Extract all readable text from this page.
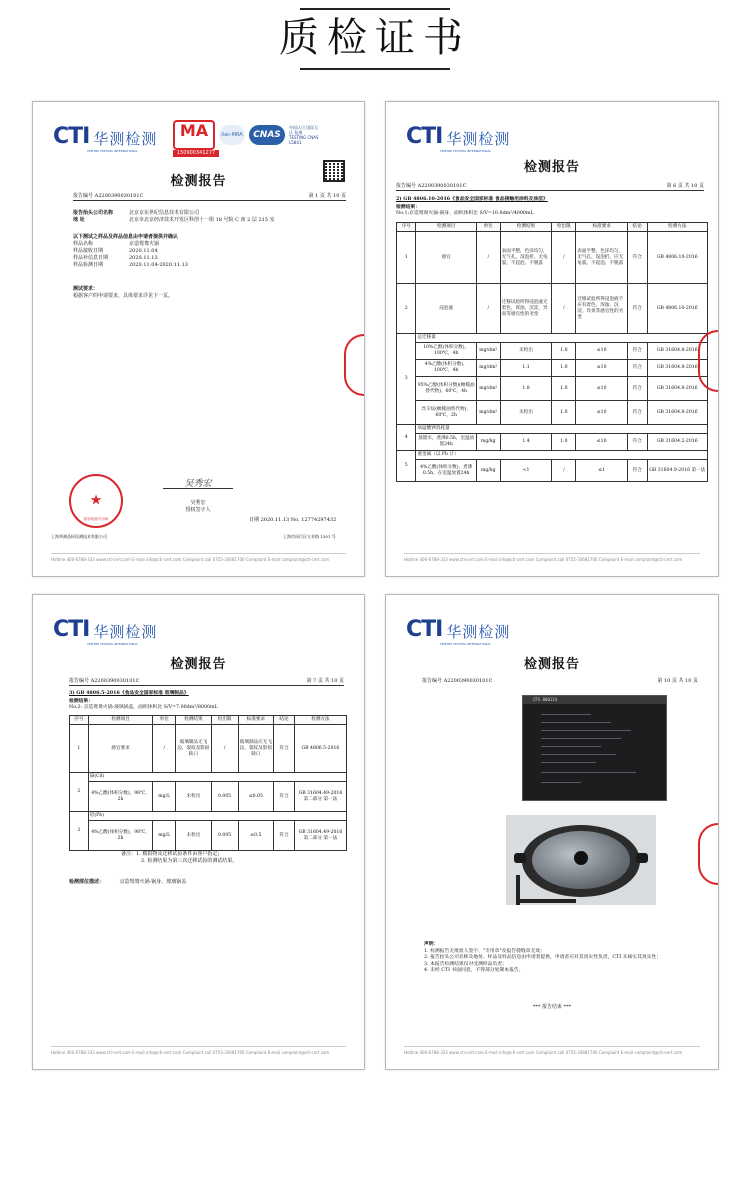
质检证书
CTI 华测检测
CENTRE TESTING INTERNATIONAL
MA
150900341277
ilac-MRA	CNAS
中国认可 国际互认 检测 TESTING CNAS L5841
检测报告
报告编号 A2200390030101C	第 1 页 共 10 页
报告抬头公司名称	北京京东世纪信息技术有限公司
地 址	北京市北京经济技术开发区科创十一街 18 号院 C 座 2 层 215 室
以下测试之样品及样品信息由申请者提供并确认
样品名称	京造鸳鸯火锅
样品接收日期	2020.11.04
样品补信息日期	2020.11.13
样品检测日期	2020.11.04-2020.11.13
测试要求：
根据客户的申请要求，具体要求详见下一页。
★
检验检测专用章
吴秀宏
吴秀宏
授权签字人
日期 2020.11.13 No. 12774297432
上海华测品标检测技术有限公司	上海市闵行区万芳路 1301 号
Hotline 400-6788-333 www.cti-cert.com E-mail info@cti-cert.com Complaint call 0755-33681700 Complaint E-mail complaint@cti-cert.com
CTI 华测检测
CENTRE TESTING INTERNATIONAL
检测报告
报告编号 A2200390030101C	第 6 页 共 10 页
2) GB 4806.10-2016《食品安全国家标准 食品接触用涂料及涂层》
检测结果：
No.1:京造鸳鸯火锅-锅身，面积体积比 S/V=10.8dm²/4000mL
序号	检测项目	单位	检测结果	检出限	标准要求	结论	检测方法
1	感官	/	表面平整，色泽均匀，无气孔、没泡折、无龟裂、不起泡、不脱落	/	表面平整，色泽均匀，无气孔、没泡折、应无龟裂、不起泡、不脱落	符合	GB 4806.10-2016
2	浸泡液	/	迁移试验所得浸泡液无着色、浑浊、沉淀、异臭等感官性的劣变	/	迁移试验所得浸泡液不应有着色、浑浊、沉淀、异臭等感官性的劣变	符合	GB 4806.10-2016
3	总迁移量						
	10%乙醇(体积分数)，100℃，4h	mg/dm²	未检出	1.0	≤10	符合	GB 31604.8-2016
	4%乙酸(体积分数)，100℃，4h	mg/dm²	1.1	1.0	≤10	符合	GB 31604.8-2016
	95%乙醇(体积分数)(橄榄油替代物)，60℃，4h	mg/dm²	1.8	1.0	≤10	符合	GB 31604.8-2016
	异辛烷(橄榄油替代物)，60℃，2h	mg/dm²	未检出	1.0	≤10	符合	GB 31604.8-2016
4	高锰酸钾消耗量						
	蒸馏水，煮沸0.5h，室温放置24h	mg/kg	1.4	1.0	≤10	符合	GB 31604.2-2016
5	重金属（以 Pb 计）						
	4%乙酸(体积分数)，煮沸0.5h，在室温放置24h	mg/kg	<1	/	≤1	符合	GB 31604.9-2016 第一法
Hotline 400-6788-333 www.cti-cert.com E-mail info@cti-cert.com Complaint call 0755-33681700 Complaint E-mail complaint@cti-cert.com
CTI 华测检测
CENTRE TESTING INTERNATIONAL
检测报告
报告编号 A2200390030101C	第 7 页 共 10 页
3) GB 4806.5-2016《食品安全国家标准 玻璃制品》
检测结果：
No.2: 京造鸳鸯火锅-玻璃锅盖，面积体积比 S/V=7.00dm²/8000mL
序号	检测项目	单位	检测结果	检出限	标准要求	结论	检测方法
1	感官要求	/	玻璃制品无飞边、裂纹及影损缺口	/	玻璃制品应无飞边、裂纹及影损缺口	符合	GB 4806.5-2016
2	镉(Cd)						
	4%乙酸(体积分数)，98℃，2h	mg/L	未检出	0.005	≤0.05	符合	GB 31604.49-2016 第二部分 第一法
3	铅(Pb)						
	4%乙酸(体积分数)，98℃，2h	mg/L	未检出	0.005	≤0.5	符合	GB 31604.49-2016 第二部分 第一法
备注：1. 模拟物及迁移试验条件由客户指定；
2. 检测结果为第三次迁移试验的测试结果。
检测部位描述：	京造鸳鸯火锅-锅身、玻璃锅盖
Hotline 400-6788-333 www.cti-cert.com E-mail info@cti-cert.com Complaint call 0755-33681700 Complaint E-mail complaint@cti-cert.com
CTI 华测检测
CENTRE TESTING INTERNATIONAL
检测报告
报告编号 A2200390030101C	第 10 页 共 10 页
CFS 000114
声明：
1. 检测报告无批准人签字、"专用章"及报告骑缝章无效；
2. 报告抬头公司名称及地址、样品及样品信息由申请者提供，申请者应对其真实性负责，CTI 未核实其真实性；
3. 本报告检测结果仅对受测样品负责；
4. 未经 CTI 书面同意，不得部分复制本报告。
*** 报告结束 ***
Hotline 400-6788-333 www.cti-cert.com E-mail info@cti-cert.com Complaint call 0755-33681700 Complaint E-mail complaint@cti-cert.com
